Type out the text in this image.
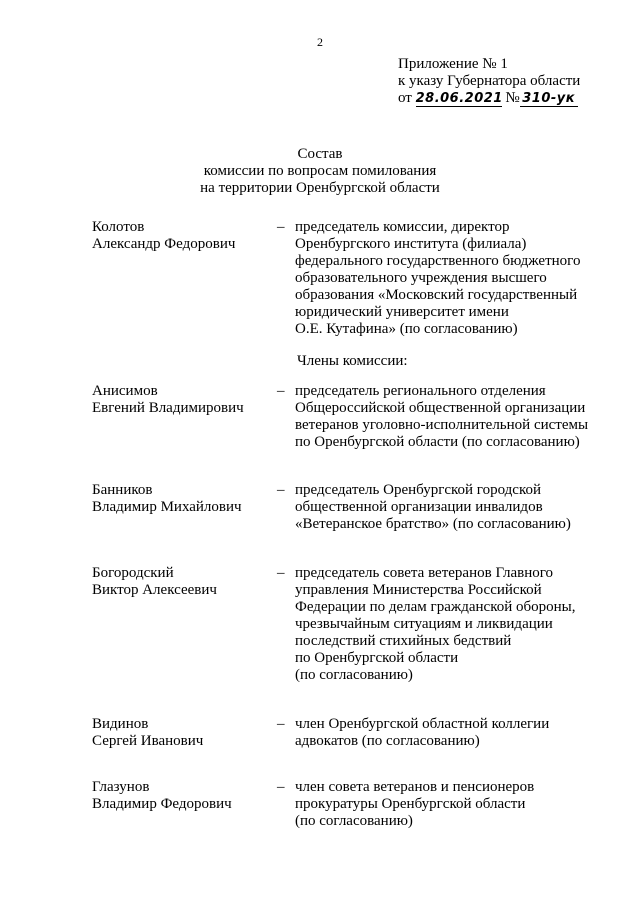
2
Приложение № 1
к указу Губернатора области
от 28.06.2021 № 310-ук
Состав
комиссии по вопросам помилования
на территории Оренбургской области
Колотов
Александр Федорович
– председатель комиссии, директор
Оренбургского института (филиала)
федерального государственного бюджетного
образовательного учреждения высшего
образования «Московский государственный
юридический университет имени
О.Е. Кутафина» (по согласованию)
Члены комиссии:
Анисимов
Евгений Владимирович
– председатель регионального отделения
Общероссийской общественной организации
ветеранов уголовно-исполнительной системы
по Оренбургской области (по согласованию)
Банников
Владимир Михайлович
– председатель Оренбургской городской
общественной организации инвалидов
«Ветеранское братство» (по согласованию)
Богородский
Виктор Алексеевич
– председатель совета ветеранов Главного
управления Министерства Российской
Федерации по делам гражданской обороны,
чрезвычайным ситуациям и ликвидации
последствий стихийных бедствий
по Оренбургской области
(по согласованию)
Видинов
Сергей Иванович
– член Оренбургской областной коллегии
адвокатов (по согласованию)
Глазунов
Владимир Федорович
– член совета ветеранов и пенсионеров
прокуратуры Оренбургской области
(по согласованию)
